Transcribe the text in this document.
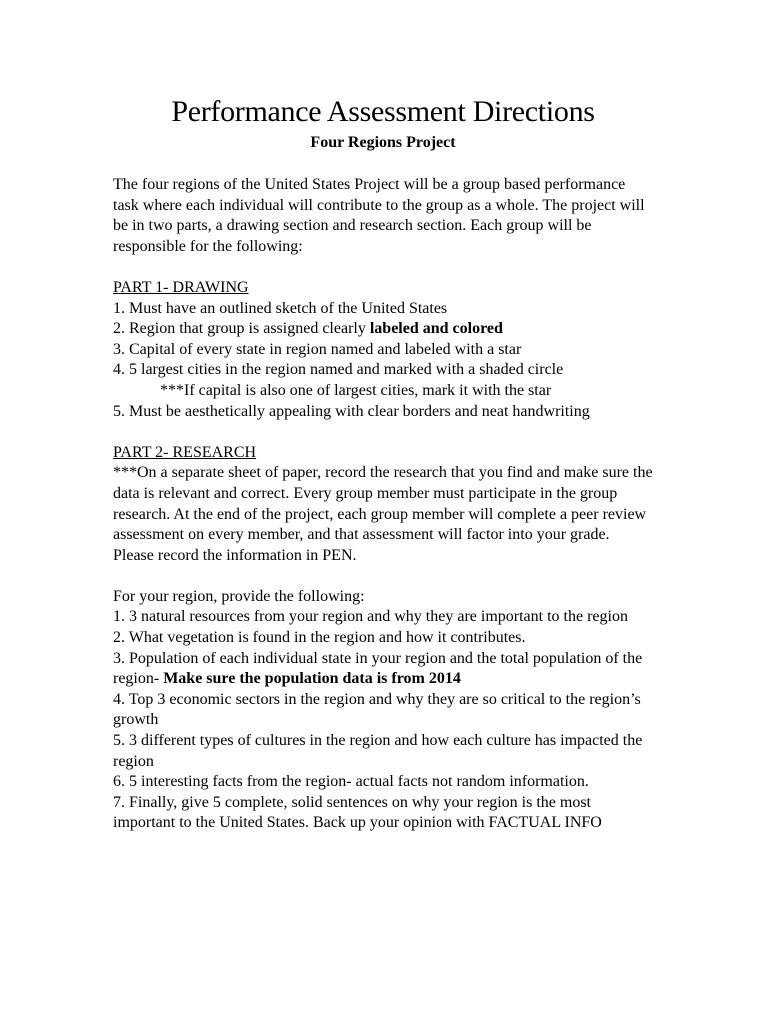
Performance Assessment Directions
Four Regions Project

The four regions of the United States Project will be a group based performance task where each individual will contribute to the group as a whole. The project will be in two parts, a drawing section and research section. Each group will be responsible for the following:

PART 1- DRAWING

1. Must have an outlined sketch of the United States

2. Region that group is assigned clearly labeled and colored

3. Capital of every state in region named and labeled with a star

4. 5 largest cities in the region named and marked with a shaded circle

***If capital is also one of largest cities, mark it with the star

5. Must be aesthetically appealing with clear borders and neat handwriting

PART 2- RESEARCH

***On a separate sheet of paper, record the research that you find and make sure the data is relevant and correct. Every group member must participate in the group research. At the end of the project, each group member will complete a peer review assessment on every member, and that assessment will factor into your grade. Please record the information in PEN.

For your region, provide the following:

1. 3 natural resources from your region and why they are important to the region

2. What vegetation is found in the region and how it contributes.

3. Population of each individual state in your region and the total population of the region- Make sure the population data is from 2014

4. Top 3 economic sectors in the region and why they are so critical to the region’s growth

5. 3 different types of cultures in the region and how each culture has impacted the region

6. 5 interesting facts from the region- actual facts not random information.

7. Finally, give 5 complete, solid sentences on why your region is the most important to the United States. Back up your opinion with FACTUAL INFO
